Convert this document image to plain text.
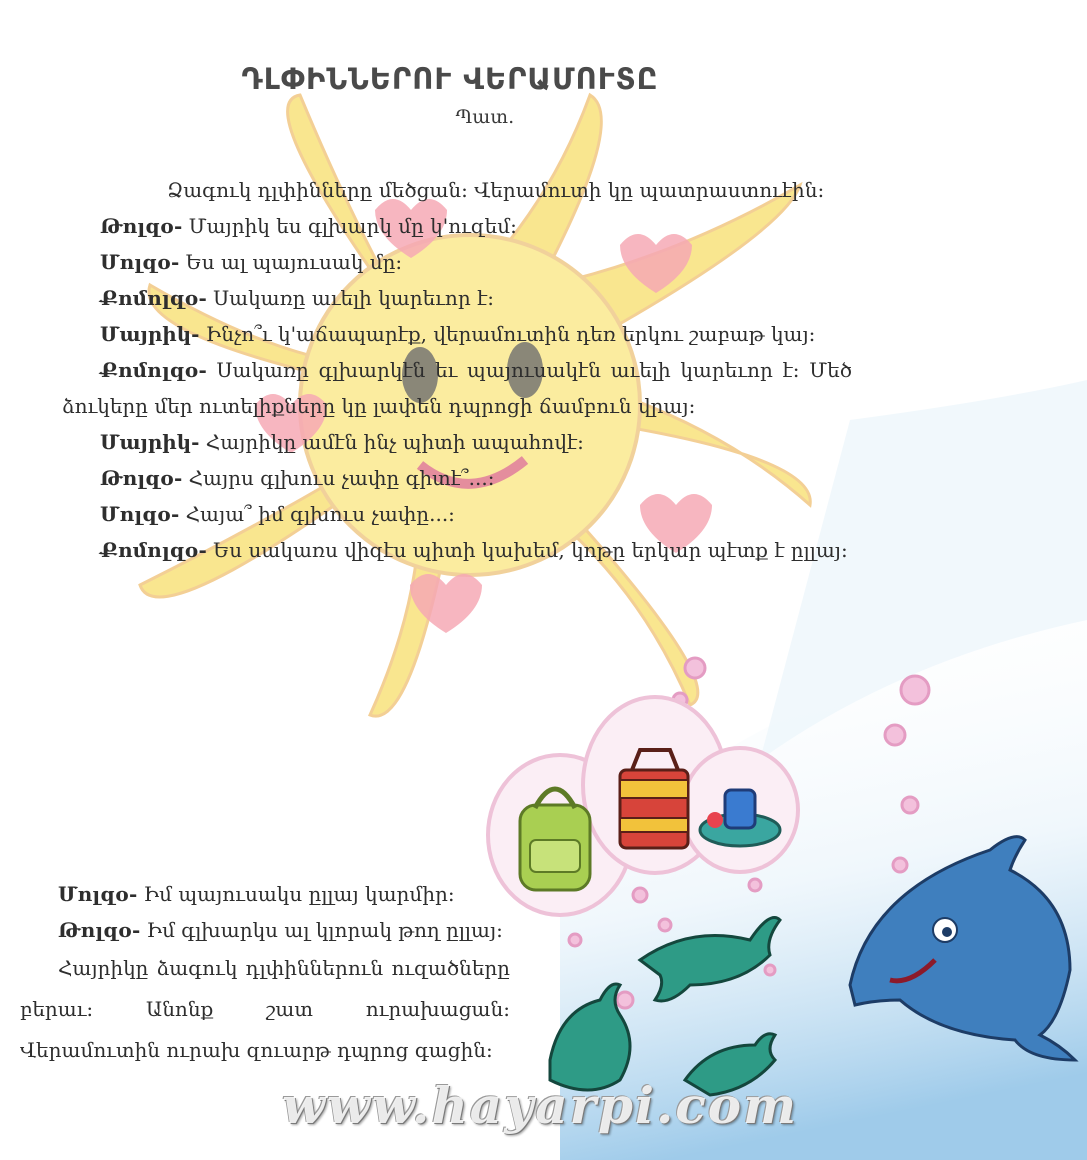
ԴԼՓԻՆՆԵՐՈՒ ՎԵՐԱՄՈՒՏԸ
Պատ․

Ձագուկ դլփինները մեծցան: Վերամուտի կը պատրաստուէին:

Թոլզօ- Մայրիկ ես գլխարկ մը կ'ուզեմ:

Մոլզօ- Ես ալ պայուսակ մը:

Քոմոլզօ- Սակառը աւելի կարեւոր է:

Մայրիկ- Ինչո՞ւ կ'աճապարէք, վերամուտին դեռ երկու շաբաթ կայ:

Քոմոլզօ- Սակառը գլխարկէն եւ պայուսակէն աւելի կարեւոր է: Մեծ ձուկերը մեր ուտելիքները կը լափեն դպրոցի ճամբուն վրայ:

Մայրիկ- Հայրիկը ամէն ինչ պիտի ապահովէ:

Թոլզօ- Հայրս գլխուս չափը գիտէ՞...:

Մոլզօ- Հայա՞ իմ գլխուս չափը...:

Քոմոլզօ- Ես սակառս վիզէս պիտի կախեմ, կոթը երկար պէտք է ըլլայ:

Մոլզօ- Իմ պայուսակս ըլլայ կարմիր:

Թոլզօ- Իմ գլխարկս ալ կլորակ թող ըլլայ:

Հայրիկը ձագուկ դլփիններուն ուզածները բերաւ: Անոնք շատ ուրախացան: Վերամուտին ուրախ զուարթ դպրոց գացին:

www.hayarpi.com
